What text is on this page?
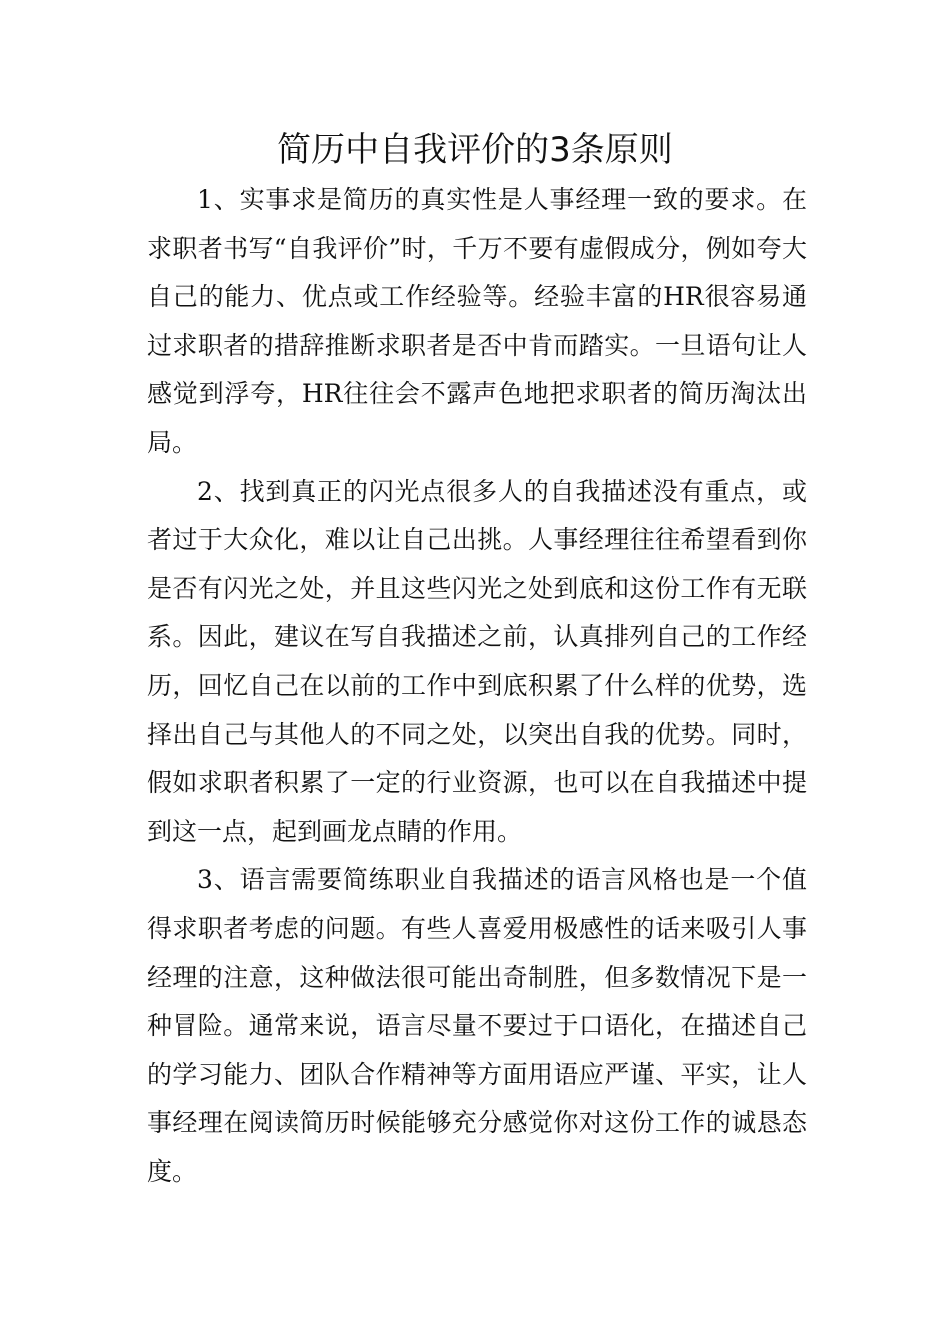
简历中自我评价的3条原则

1、实事求是简历的真实性是人事经理一致的要求。在求职者书写“自我评价”时，千万不要有虚假成分，例如夸大自己的能力、优点或工作经验等。经验丰富的HR很容易通过求职者的措辞推断求职者是否中肯而踏实。一旦语句让人感觉到浮夸，HR往往会不露声色地把求职者的简历淘汰出局。

2、找到真正的闪光点很多人的自我描述没有重点，或者过于大众化，难以让自己出挑。人事经理往往希望看到你是否有闪光之处，并且这些闪光之处到底和这份工作有无联系。因此，建议在写自我描述之前，认真排列自己的工作经历，回忆自己在以前的工作中到底积累了什么样的优势，选择出自己与其他人的不同之处，以突出自我的优势。同时，假如求职者积累了一定的行业资源，也可以在自我描述中提到这一点，起到画龙点睛的作用。

3、语言需要简练职业自我描述的语言风格也是一个值得求职者考虑的问题。有些人喜爱用极感性的话来吸引人事经理的注意，这种做法很可能出奇制胜，但多数情况下是一种冒险。通常来说，语言尽量不要过于口语化，在描述自己的学习能力、团队合作精神等方面用语应严谨、平实，让人事经理在阅读简历时候能够充分感觉你对这份工作的诚恳态度。
